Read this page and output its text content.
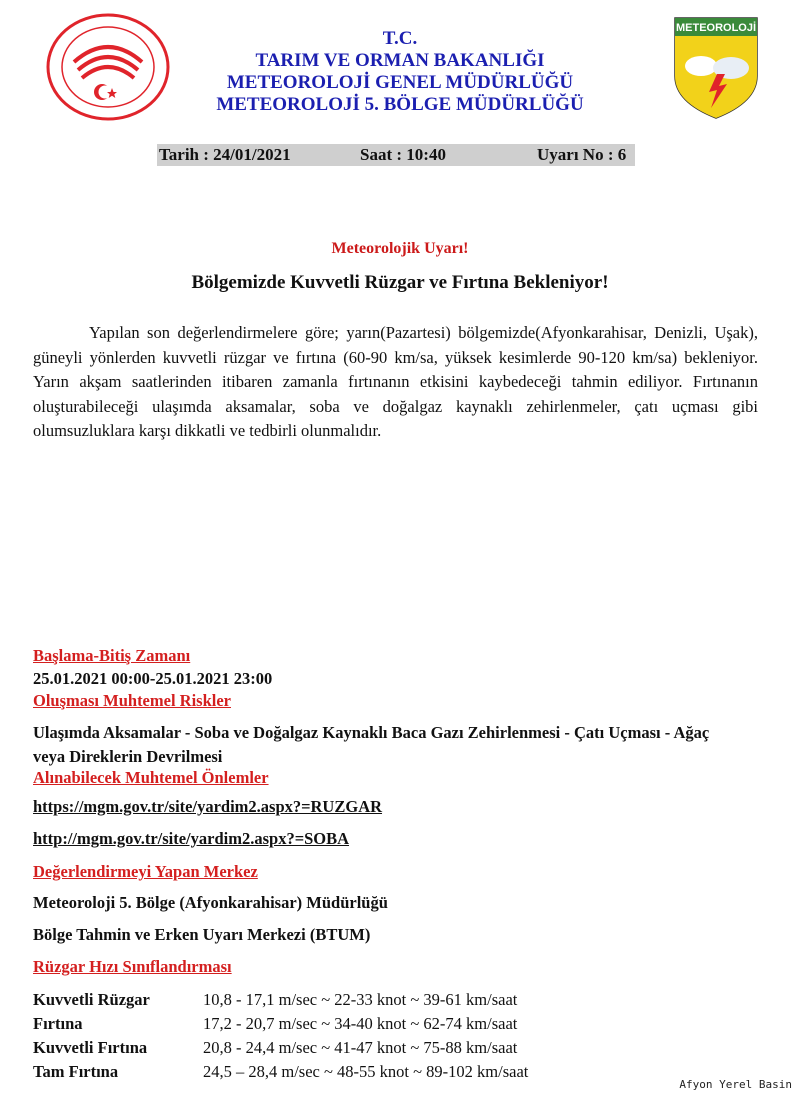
METEOROLOJİ
T.C.
TARIM VE ORMAN BAKANLIĞI
METEOROLOJİ GENEL MÜDÜRLÜĞÜ
METEOROLOJİ 5. BÖLGE MÜDÜRLÜĞÜ
Tarih : 24/01/2021	Saat : 10:40	Uyarı No : 6
Meteorolojik Uyarı!
Bölgemizde Kuvvetli Rüzgar ve Fırtına Bekleniyor!
Yapılan son değerlendirmelere göre; yarın(Pazartesi) bölgemizde(Afyonkarahisar, Denizli, Uşak), güneyli yönlerden kuvvetli rüzgar ve fırtına (60-90 km/sa, yüksek kesimlerde 90-120 km/sa) bekleniyor. Yarın akşam saatlerinden itibaren zamanla fırtınanın etkisini kaybedeceği tahmin ediliyor. Fırtınanın oluşturabileceği ulaşımda aksamalar, soba ve doğalgaz kaynaklı zehirlenmeler, çatı uçması gibi olumsuzluklara karşı dikkatli ve tedbirli olunmalıdır.
Başlama-Bitiş Zamanı
25.01.2021 00:00-25.01.2021 23:00
Oluşması Muhtemel Riskler
Ulaşımda Aksamalar - Soba ve Doğalgaz Kaynaklı Baca Gazı Zehirlenmesi - Çatı Uçması - Ağaç veya Direklerin Devrilmesi
Alınabilecek Muhtemel Önlemler
https://mgm.gov.tr/site/yardim2.aspx?=RUZGAR
http://mgm.gov.tr/site/yardim2.aspx?=SOBA
Değerlendirmeyi Yapan Merkez
Meteoroloji 5. Bölge (Afyonkarahisar) Müdürlüğü
Bölge Tahmin ve Erken Uyarı Merkezi (BTUM)
Rüzgar Hızı Sınıflandırması
Kuvvetli Rüzgar	10,8 - 17,1 m/sec ~ 22-33 knot ~ 39-61 km/saat
Fırtına	17,2 - 20,7 m/sec ~ 34-40 knot ~ 62-74 km/saat
Kuvvetli Fırtına	20,8 - 24,4 m/sec ~ 41-47 knot ~ 75-88 km/saat
Tam Fırtına	24,5 – 28,4 m/sec ~ 48-55 knot ~ 89-102 km/saat
Afyon Yerel Basin
